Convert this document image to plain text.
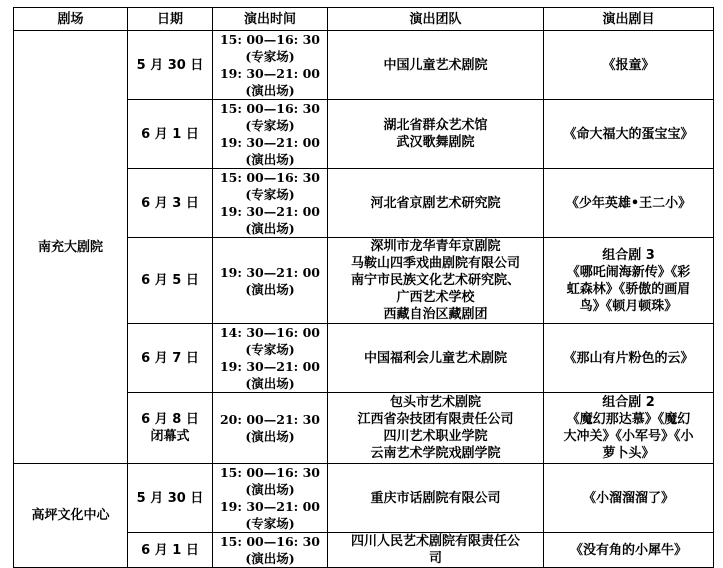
剧场	日期	演出时间	演出团队	演出剧目
南充大剧院	5 月 30 日	15: 00—16: 30
(专家场)
19: 30—21: 00
(演出场)	中国儿童艺术剧院	《报童》

	6 月 1 日	15: 00—16: 30
(专家场)
19: 30—21: 00
(演出场)	湖北省群众艺术馆
武汉歌舞剧院	《命大福大的蛋宝宝》

	6 月 3 日	15: 00—16: 30
(专家场)
19: 30—21: 00
(演出场)	河北省京剧艺术研究院	《少年英雄•王二小》

	6 月 5 日	19: 30—21: 00
(演出场)	深圳市龙华青年京剧院
马鞍山四季戏曲剧院有限公司
南宁市民族文化艺术研究院、
广西艺术学校
西藏自治区藏剧团	组合剧 3
《哪吒闹海新传》《彩
虹森林》《骄傲的画眉
鸟》《顿月顿珠》

	6 月 7 日	14: 30—16: 00
(专家场)
19: 30—21: 00
(演出场)	中国福利会儿童艺术剧院	《那山有片粉色的云》

	6 月 8 日
闭幕式	20: 00—21: 30
(演出场)	包头市艺术剧院
江西省杂技团有限责任公司
四川艺术职业学院
云南艺术学院戏剧学院	组合剧 2
《魔幻那达慕》《魔幻
大冲关》《小军号》《小
萝卜头》

高坪文化中心	5 月 30 日	15: 00—16: 30
(演出场)
19: 30—21: 00
(专家场)	重庆市话剧院有限公司	《小溜溜溜了》

	6 月 1 日	15: 00—16: 30
(演出场)	四川人民艺术剧院有限责任公
司	《没有角的小犀牛》
